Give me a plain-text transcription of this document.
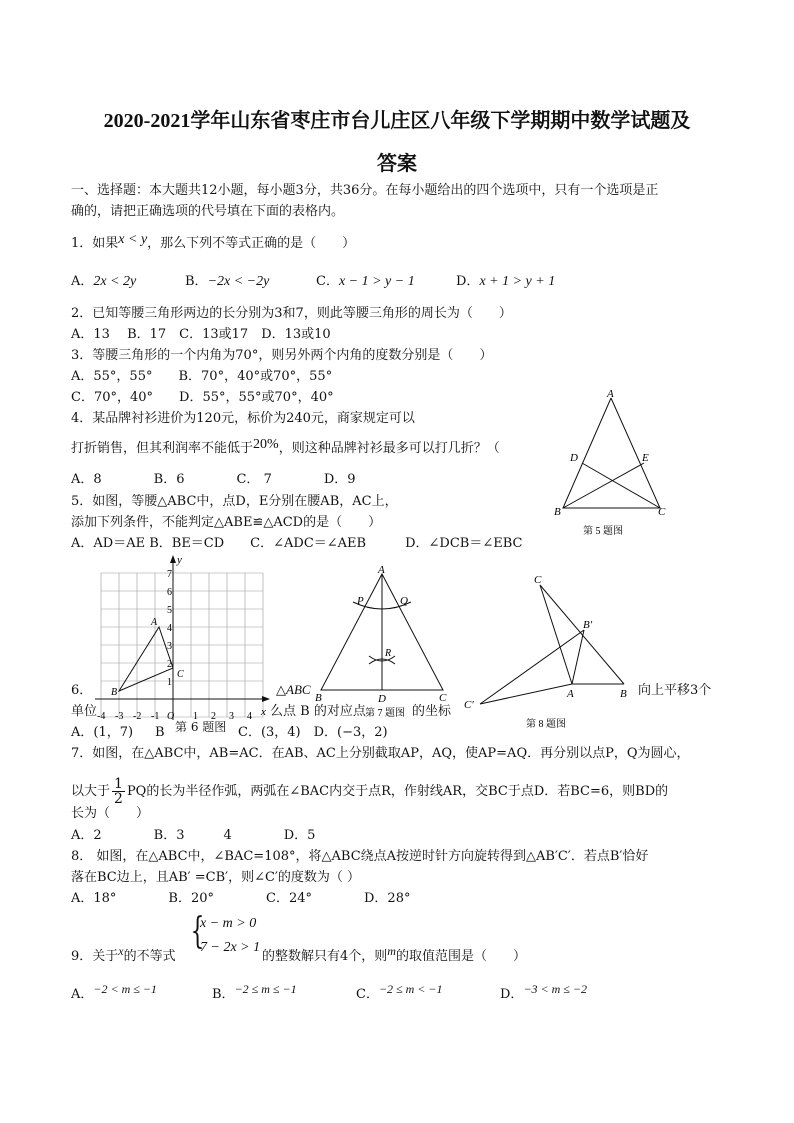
2020-2021学年山东省枣庄市台儿庄区八年级下学期期中数学试题及
答案
一、选择题：本大题共12小题，每小题3分，共36分。在每小题给出的四个选项中，只有一个选项是正
确的，请把正确选项的代号填在下面的表格内。
1．如果x < y，那么下列不等式正确的是（　　）
A．2x < 2y	B．−2x < −2y	C．x − 1 > y − 1	D．x + 1 > y + 1
2．已知等腰三角形两边的长分别为3和7，则此等腰三角形的周长为（　　）
A．13　 B．17　C．13或17　D．13或10
3．等腰三角形的一个内角为70°，则另外两个内角的度数分别是（　　）
A．55°，55°　　B．70°，40°或70°，55°
C．70°，40°　　D．55°，55°或70°，40°
4．某品牌衬衫进价为120元，标价为240元，商家规定可以
打折销售，但其利润率不能低于20%，则这种品牌衬衫最多可以打几折？（
A．8　　　　B．6　　　　C． 7　　　　D．9
5．如图，等腰△ABC中，点D，E分别在腰AB，AC上，
添加下列条件，不能判定△ABE≌△ACD的是（　　）
A．AD＝AE B．BE＝CD　　C．∠ADC＝∠AEB　　　D．∠DCB＝∠EBC
A
B	C
D	E
第 5 题图
y
x
7
6
5
4
3
2
1
-4 -3 -2 -1 O 1 2 3 4
A
B
C
A
B	C
D
P	Q
R
第 7 题图
C
B′
A	B
C′
第 8 题图
6．	△ABC	向上平移3个
单位	么点 B 的对应点	的坐标
A．(1，7) B 第 6 题图 C．(3，4)　D．(−3，2)
7．如图，在△ABC中，AB=AC．在AB、AC上分别截取AP，AQ，使AP=AQ．再分别以点P，Q为圆心，
以大于 $\frac{1}{2}$ PQ的长为半径作弧，两弧在∠BAC内交于点R，作射线AR，交BC于点D．若BC=6，则BD的
长为（　　）
A．2　　　　B．3　　　4　　　　D．5
8． 如图，在△ABC中，∠BAC=108°，将△ABC绕点A按逆时针方向旋转得到△AB′C′．若点B′恰好
落在BC边上，且AB′ =CB′，则∠C′的度数为（ ）
A．18°　　　　B．20°　　　　C．24°　　　　D．28°
9．关于x的不等式
{
x − m > 0
7 − 2x > 1
的整数解只有4个，则m的取值范围是（　　）
A．−2 < m ≤ −1	B．−2 ≤ m ≤ −1	C．−2 ≤ m < −1	D．−3 < m ≤ −2
